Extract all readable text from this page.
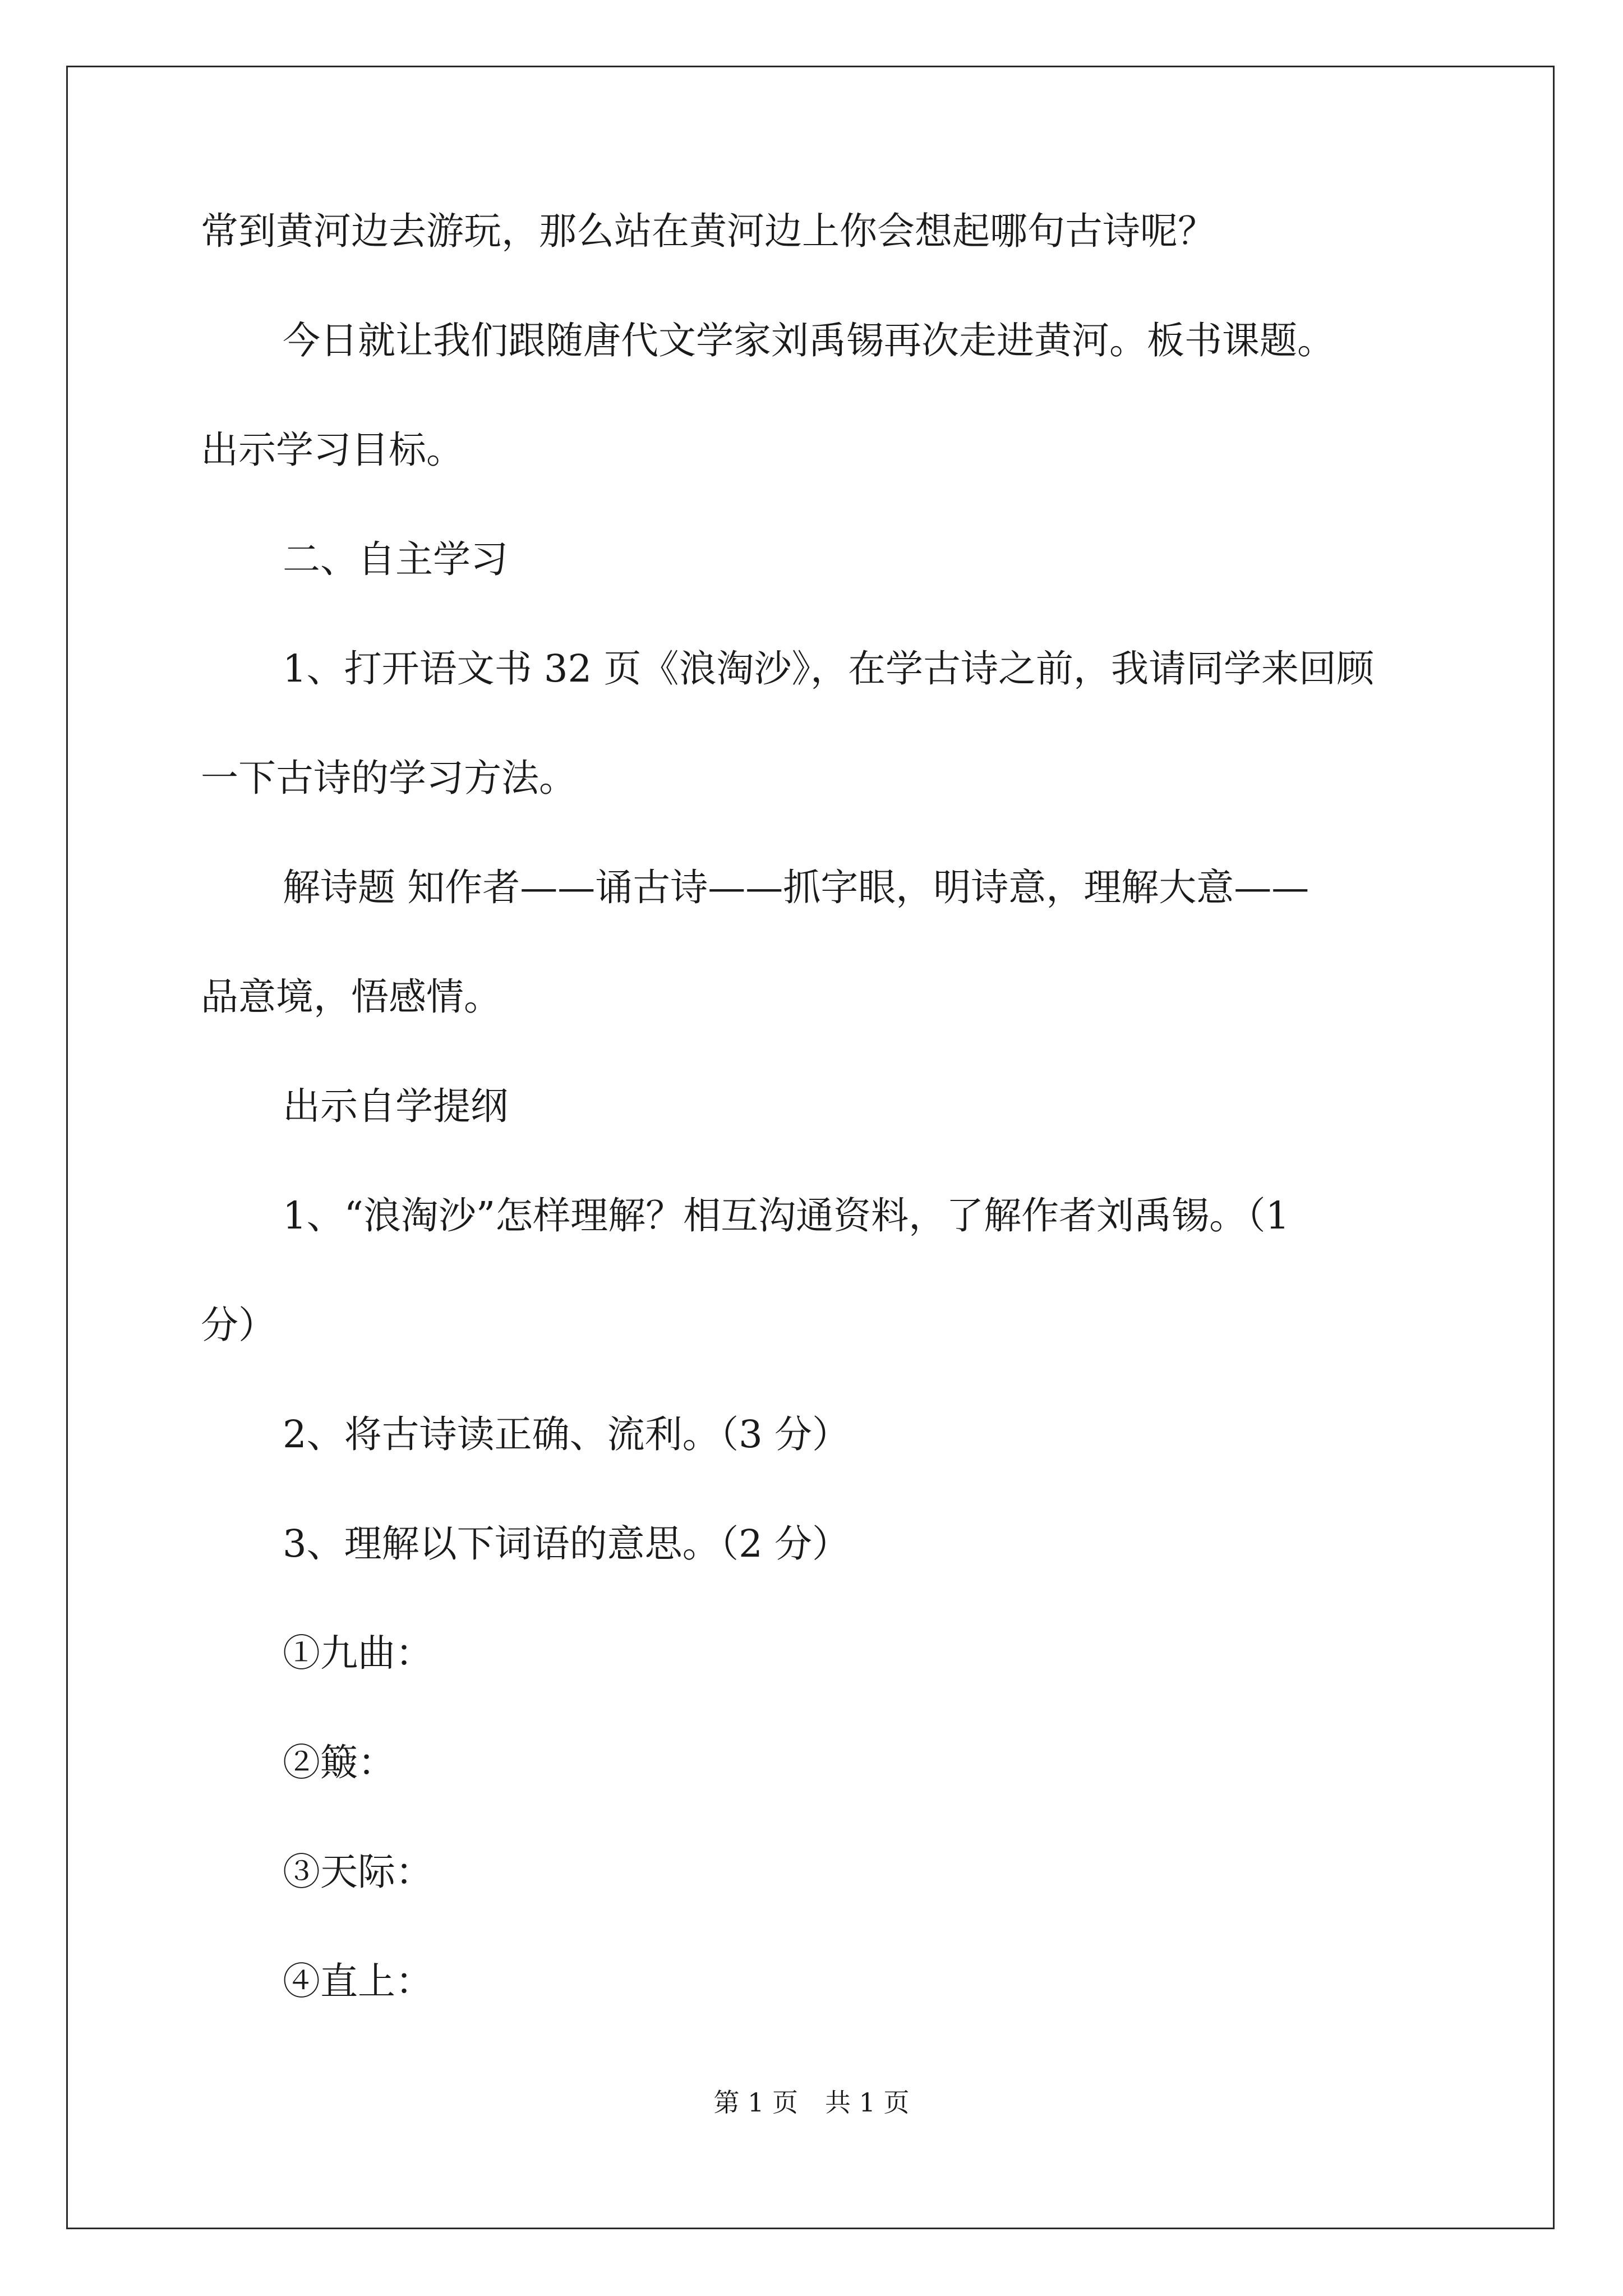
常到黄河边去游玩，那么站在黄河边上你会想起哪句古诗呢？
今日就让我们跟随唐代文学家刘禹锡再次走进黄河。板书课题。
出示学习目标。
二、自主学习
1、打开语文书 32 页《浪淘沙》，在学古诗之前，我请同学来回顾
一下古诗的学习方法。
解诗题 知作者——诵古诗——抓字眼，明诗意，理解大意——
品意境，悟感情。
出示自学提纲
1、“浪淘沙”怎样理解？相互沟通资料，了解作者刘禹锡。（1
分）
2、将古诗读正确、流利。（3 分）
3、理解以下词语的意思。（2 分）
①九曲：
②簸：
③天际：
④直上：
第 1 页 共 1 页
